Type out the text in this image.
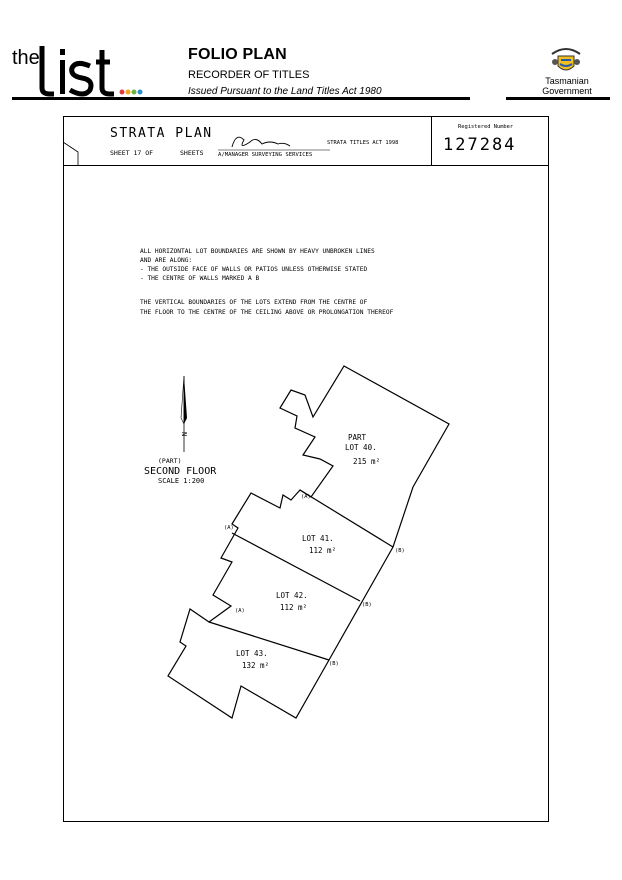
the	FOLIO PLAN
RECORDER OF TITLES
Issued Pursuant to the Land Titles Act 1980
Tasmanian
Government
STRATA PLAN
SHEET 17 OF	SHEETS	A/MANAGER SURVEYING SERVICES
STRATA TITLES ACT 1998
Registered Number
127284
ALL HORIZONTAL LOT BOUNDARIES ARE SHOWN BY HEAVY UNBROKEN LINES
AND ARE ALONG:
- THE OUTSIDE FACE OF WALLS OR PATIOS UNLESS OTHERWISE STATED
- THE CENTRE OF WALLS MARKED A B
THE VERTICAL BOUNDARIES OF THE LOTS EXTEND FROM THE CENTRE OF
THE FLOOR TO THE CENTRE OF THE CEILING ABOVE OR PROLONGATION THEREOF
N
(PART)
SECOND FLOOR
SCALE 1:200
(A)
(A)
(A)
(B)
(B)
(B)
PART
LOT 40.
215 m²
LOT 41.
112 m²
LOT 42.
112 m²
LOT 43.
132 m²
